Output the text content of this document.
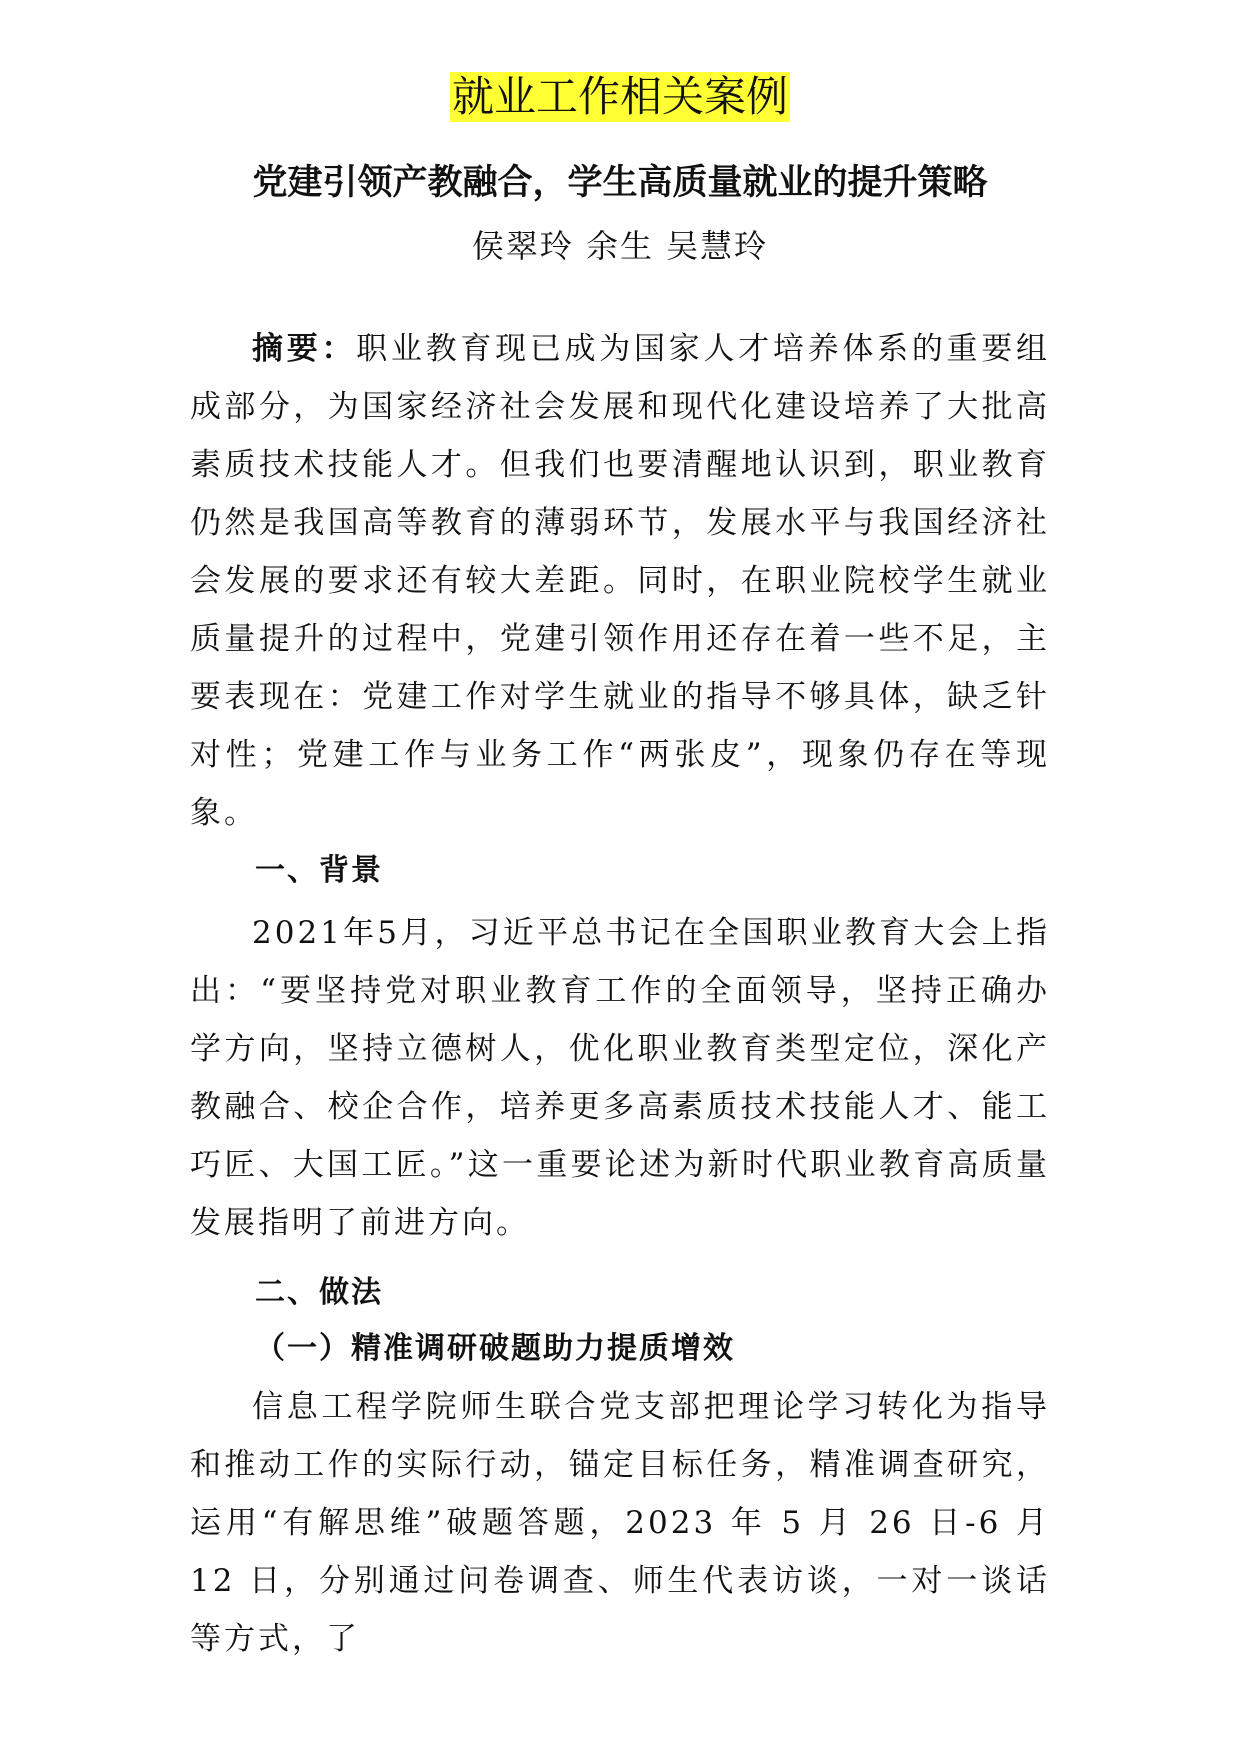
就业工作相关案例
党建引领产教融合，学生高质量就业的提升策略
侯翠玲 余生 吴慧玲

摘要：职业教育现已成为国家人才培养体系的重要组成部分，为国家经济社会发展和现代化建设培养了大批高素质技术技能人才。但我们也要清醒地认识到，职业教育仍然是我国高等教育的薄弱环节，发展水平与我国经济社会发展的要求还有较大差距。同时，在职业院校学生就业质量提升的过程中，党建引领作用还存在着一些不足，主要表现在：党建工作对学生就业的指导不够具体，缺乏针对性；党建工作与业务工作“两张皮”，现象仍存在等现象。

一、背景

2021年5月，习近平总书记在全国职业教育大会上指出：“要坚持党对职业教育工作的全面领导，坚持正确办学方向，坚持立德树人，优化职业教育类型定位，深化产教融合、校企合作，培养更多高素质技术技能人才、能工巧匠、大国工匠。”这一重要论述为新时代职业教育高质量发展指明了前进方向。

二、做法
（一）精准调研破题助力提质增效

信息工程学院师生联合党支部把理论学习转化为指导和推动工作的实际行动，锚定目标任务，精准调查研究，运用“有解思维”破题答题，2023 年 5 月 26 日-6 月 12 日，分别通过问卷调查、师生代表访谈，一对一谈话等方式，了
